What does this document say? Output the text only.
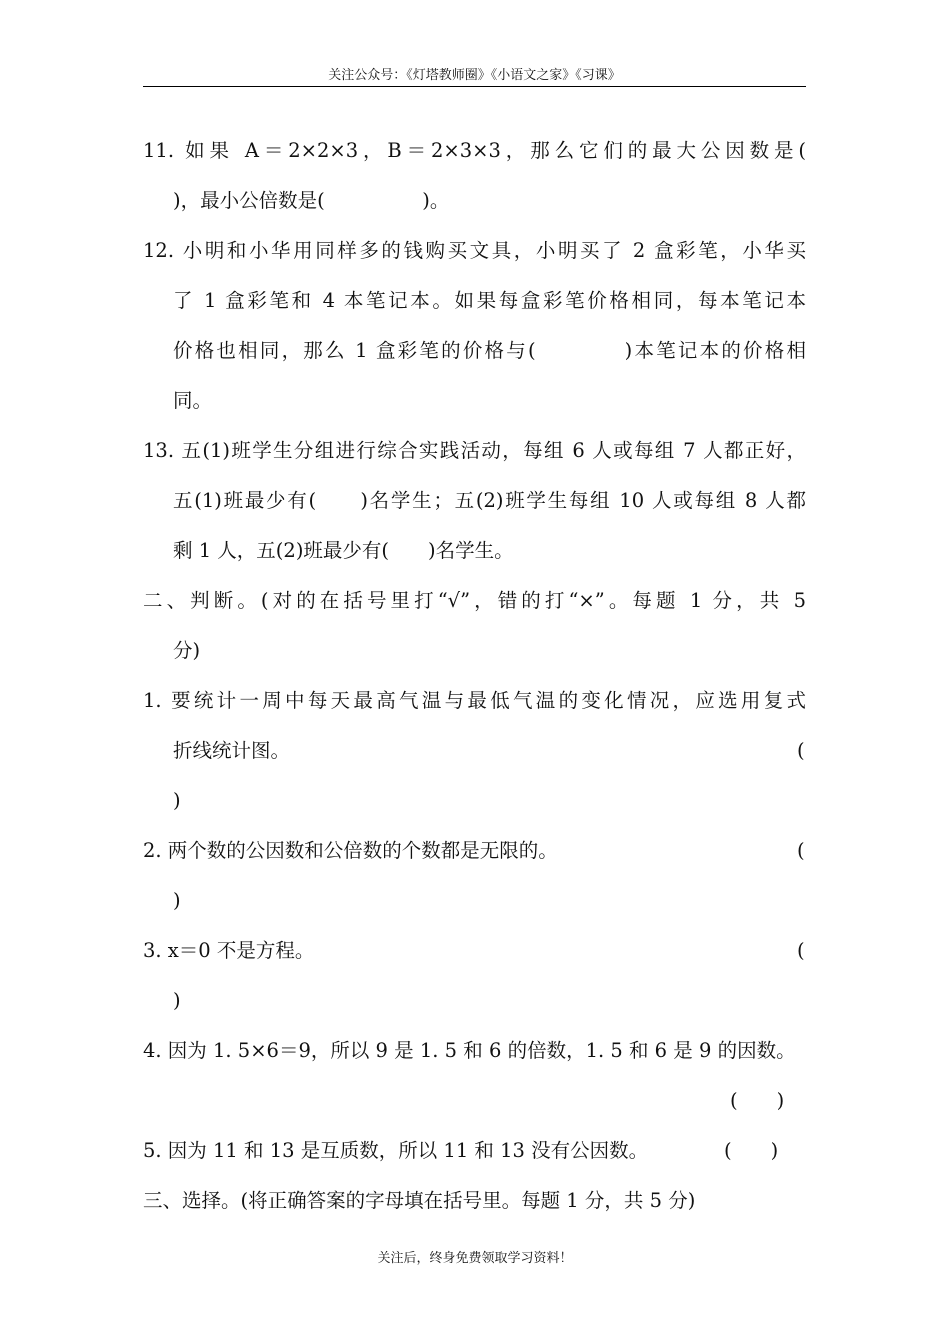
关注公众号：《灯塔教师圈》《小语文之家》《习课》
11. 如果 A＝2×2×3，B＝2×3×3，那么它们的最大公因数是(
)，最小公倍数是(　　　　　)。
12. 小明和小华用同样多的钱购买文具，小明买了 2 盒彩笔，小华买
了 1 盒彩笔和 4 本笔记本。如果每盒彩笔价格相同，每本笔记本
价格也相同，那么 1 盒彩笔的价格与(　　　　)本笔记本的价格相
同。
13. 五(1)班学生分组进行综合实践活动，每组 6 人或每组 7 人都正好，
五(1)班最少有(　　)名学生；五(2)班学生每组 10 人或每组 8 人都
剩 1 人，五(2)班最少有(　　)名学生。
二、判断。(对的在括号里打“√”，错的打“×”。每题 1 分，共 5
分)
1. 要统计一周中每天最高气温与最低气温的变化情况，应选用复式
折线统计图。	(
)
2. 两个数的公因数和公倍数的个数都是无限的。	(
)
3. x＝0 不是方程。	(
)
4. 因为 1. 5×6＝9，所以 9 是 1. 5 和 6 的倍数，1. 5 和 6 是 9 的因数。
(　　)
5. 因为 11 和 13 是互质数，所以 11 和 13 没有公因数。	(　　)
三、选择。(将正确答案的字母填在括号里。每题 1 分，共 5 分)
关注后，终身免费领取学习资料！
